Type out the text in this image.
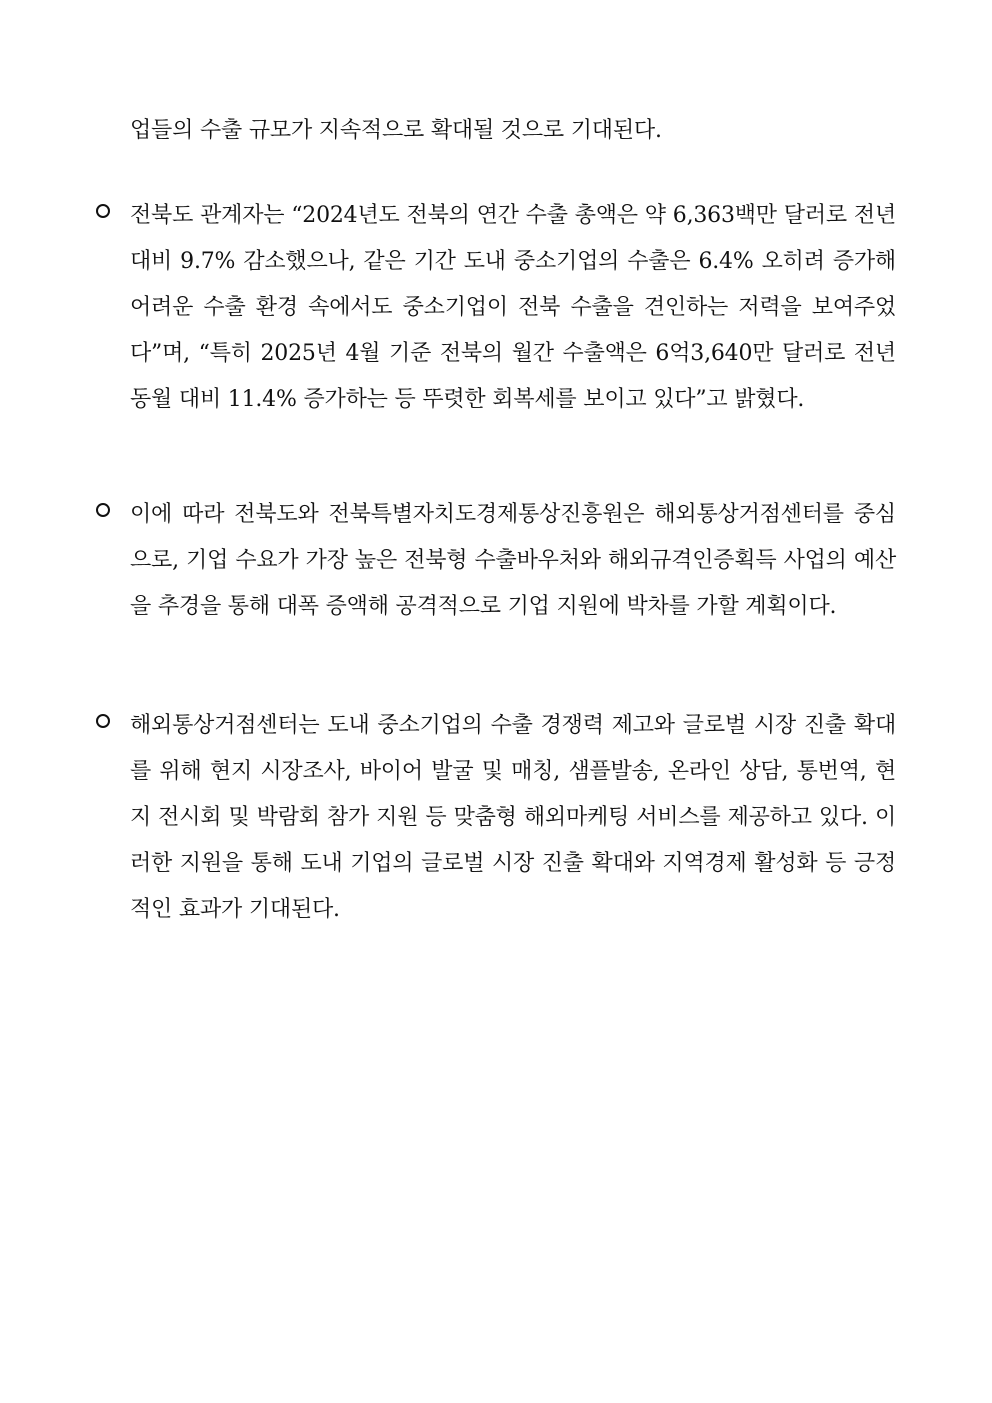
업들의 수출 규모가 지속적으로 확대될 것으로 기대된다.

전북도 관계자는 “2024년도 전북의 연간 수출 총액은 약 6,363백만 달러로 전년 대비 9.7% 감소했으나, 같은 기간 도내 중소기업의 수출은 6.4% 오히려 증가해 어려운 수출 환경 속에서도 중소기업이 전북 수출을 견인하는 저력을 보여주었다”며, “특히 2025년 4월 기준 전북의 월간 수출액은 6억3,640만 달러로 전년 동월 대비 11.4% 증가하는 등 뚜렷한 회복세를 보이고 있다”고 밝혔다.

이에 따라 전북도와 전북특별자치도경제통상진흥원은 해외통상거점센터를 중심으로, 기업 수요가 가장 높은 전북형 수출바우처와 해외규격인증획득 사업의 예산을 추경을 통해 대폭 증액해 공격적으로 기업 지원에 박차를 가할 계획이다.

해외통상거점센터는 도내 중소기업의 수출 경쟁력 제고와 글로벌 시장 진출 확대를 위해 현지 시장조사, 바이어 발굴 및 매칭, 샘플발송, 온라인 상담, 통번역, 현지 전시회 및 박람회 참가 지원 등 맞춤형 해외마케팅 서비스를 제공하고 있다. 이러한 지원을 통해 도내 기업의 글로벌 시장 진출 확대와 지역경제 활성화 등 긍정적인 효과가 기대된다.
